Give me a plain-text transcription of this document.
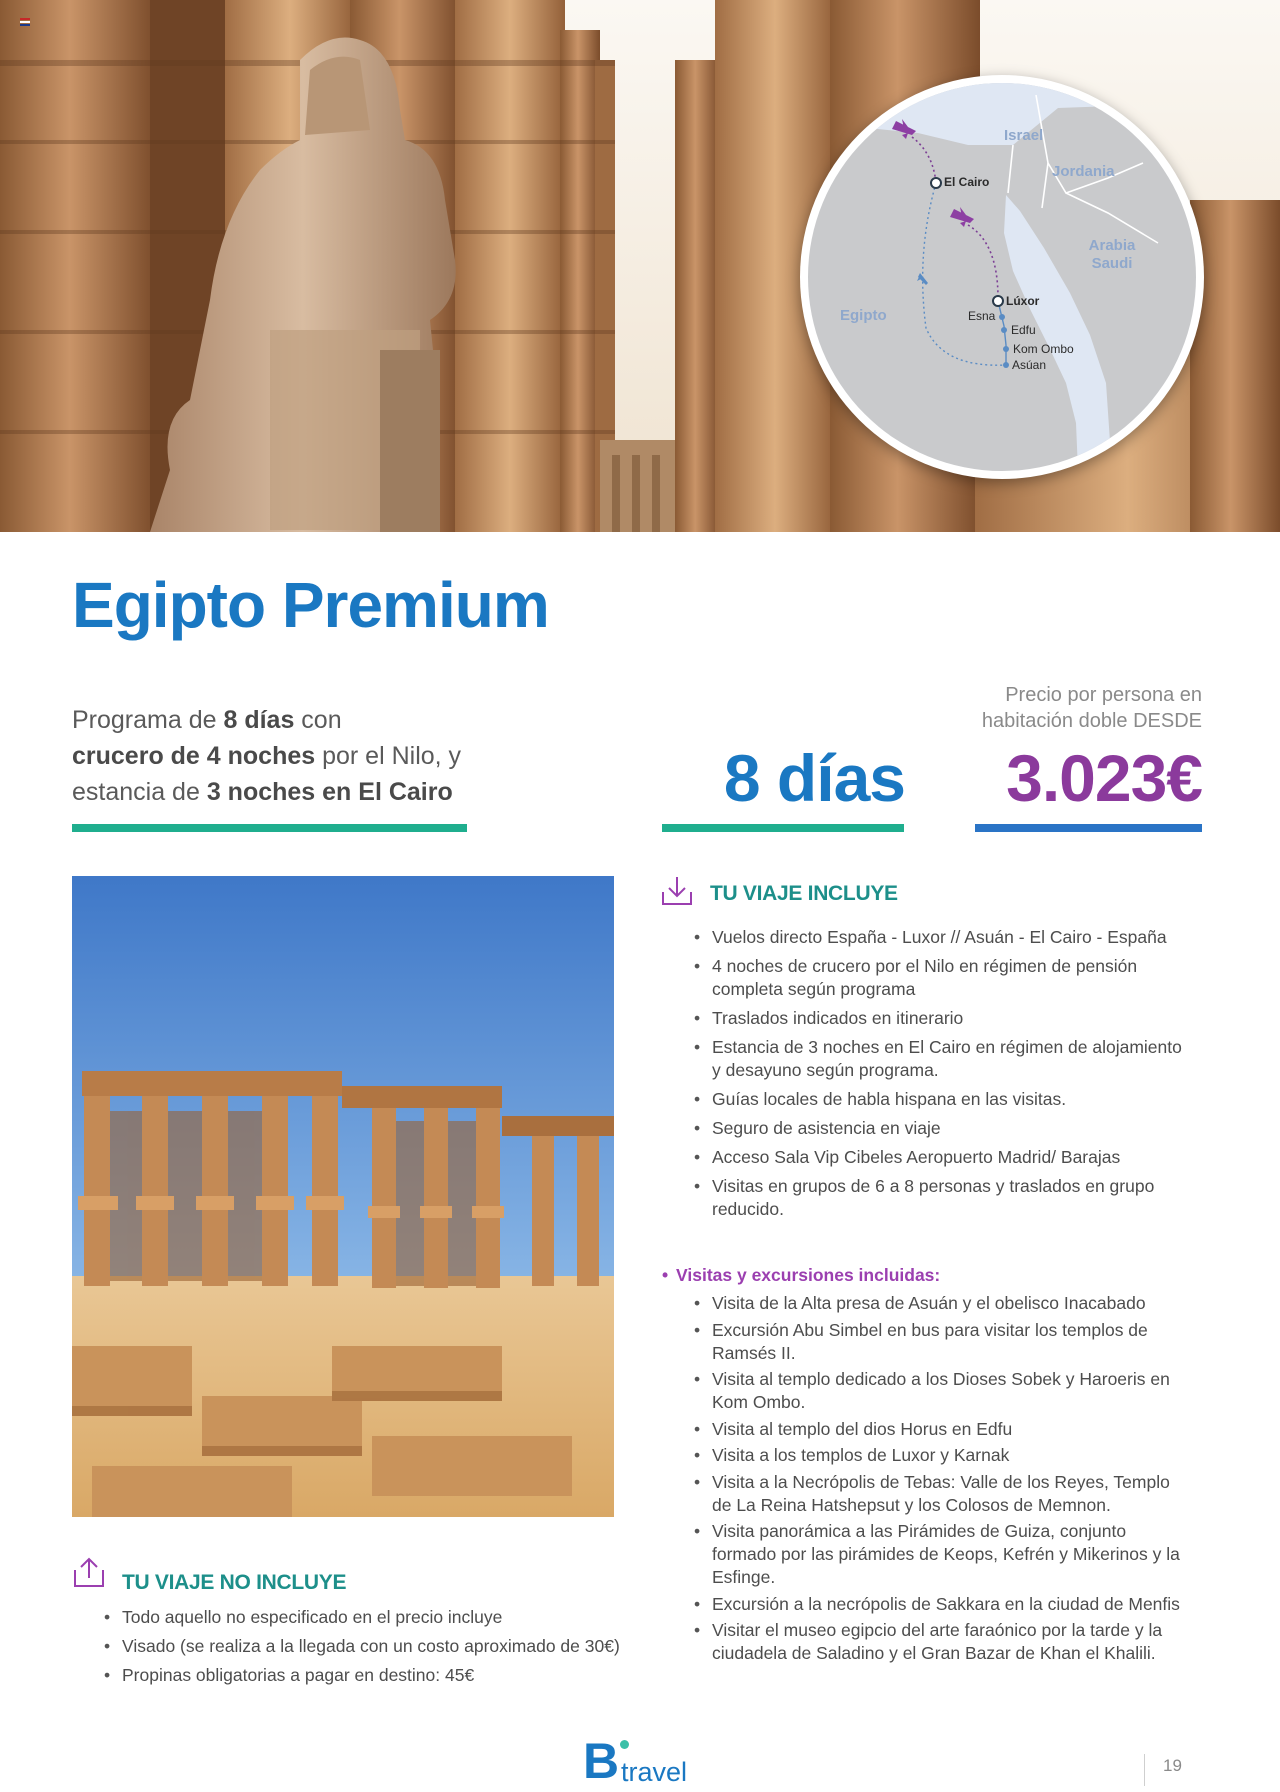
Israel
Jordania
Arabia Saudi
Egipto
El Cairo
Lúxor
Esna
Edfu
Kom Ombo
Asúan
Egipto Premium
Programa de 8 días con
crucero de 4 noches por el Nilo, y
estancia de 3 noches en El Cairo	8 días
Precio por persona en
habitación doble DESDE
3.023€
TU VIAJE INCLUYE
• Vuelos directo España - Luxor // Asuán - El Cairo - España
• 4 noches de crucero por el Nilo en régimen de pensión completa según programa
• Traslados indicados en itinerario
• Estancia de 3 noches en El Cairo en régimen de alojamiento y desayuno según programa.
• Guías locales de habla hispana en las visitas.
• Seguro de asistencia en viaje
• Acceso Sala Vip Cibeles Aeropuerto Madrid/ Barajas
• Visitas en grupos de 6 a 8 personas y traslados en grupo reducido.
• Visitas y excursiones incluidas:
• Visita de la Alta presa de Asuán y el obelisco Inacabado
• Excursión Abu Simbel en bus para visitar los templos de Ramsés II.
• Visita al templo dedicado a los Dioses Sobek y Haroeris en Kom Ombo.
• Visita al templo del dios Horus en Edfu
• Visita a los templos de Luxor y Karnak
• Visita a la Necrópolis de Tebas: Valle de los Reyes, Templo de La Reina Hatshepsut y los Colosos de Memnon.
• Visita panorámica a las Pirámides de Guiza, conjunto formado por las pirámides de Keops, Kefrén y Mikerinos y la Esfinge.
• Excursión a la necrópolis de Sakkara en la ciudad de Menfis
• Visitar el museo egipcio del arte faraónico por la tarde y la ciudadela de Saladino y el Gran Bazar de Khan el Khalili.
TU VIAJE NO INCLUYE
• Todo aquello no especificado en el precio incluye
• Visado (se realiza a la llegada con un costo aproximado de 30€)
• Propinas obligatorias a pagar en destino: 45€
B travel	19
